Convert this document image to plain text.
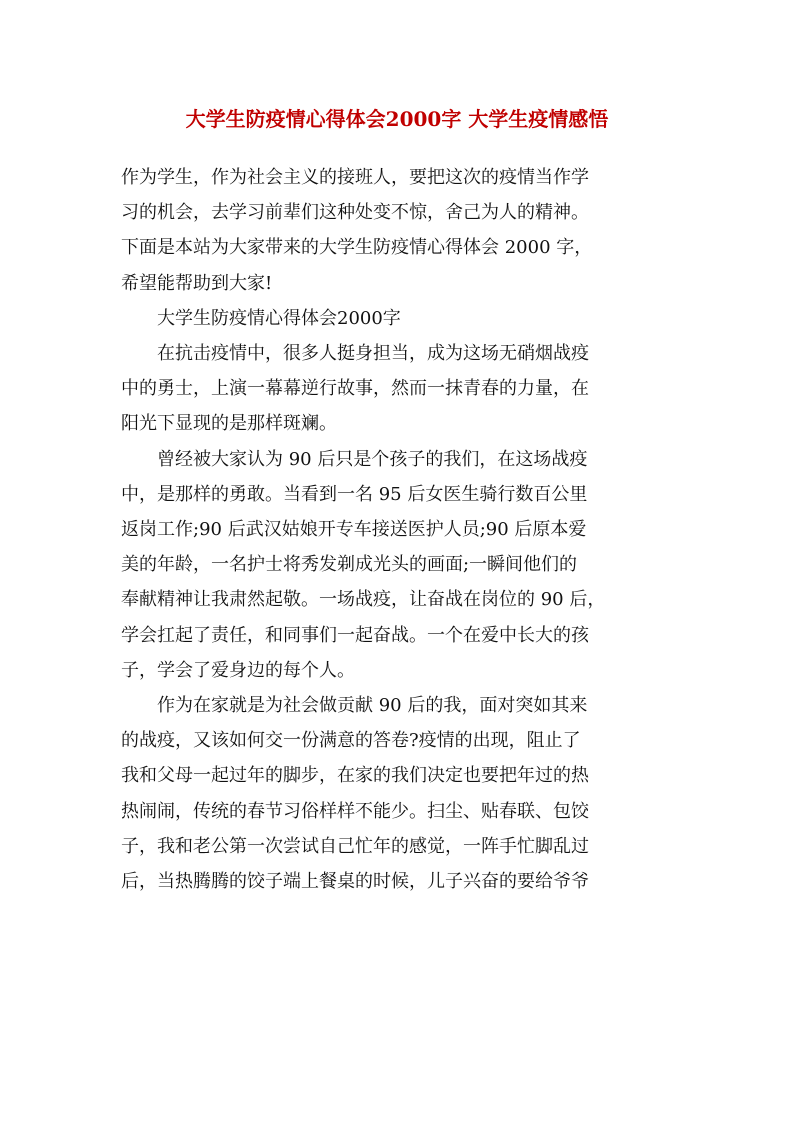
大学生防疫情心得体会2000字 大学生疫情感悟

作为学生，作为社会主义的接班人，要把这次的疫情当作学
习的机会，去学习前辈们这种处变不惊，舍己为人的精神。
下面是本站为大家带来的大学生防疫情心得体会 2000 字，
希望能帮助到大家!

大学生防疫情心得体会2000字

在抗击疫情中，很多人挺身担当，成为这场无硝烟战疫
中的勇士，上演一幕幕逆行故事，然而一抹青春的力量，在
阳光下显现的是那样斑斓。

曾经被大家认为 90 后只是个孩子的我们，在这场战疫
中，是那样的勇敢。当看到一名 95 后女医生骑行数百公里
返岗工作;90 后武汉姑娘开专车接送医护人员;90 后原本爱
美的年龄，一名护士将秀发剃成光头的画面;一瞬间他们的
奉献精神让我肃然起敬。一场战疫，让奋战在岗位的 90 后，
学会扛起了责任，和同事们一起奋战。一个在爱中长大的孩
子，学会了爱身边的每个人。

作为在家就是为社会做贡献 90 后的我，面对突如其来
的战疫，又该如何交一份满意的答卷?疫情的出现，阻止了
我和父母一起过年的脚步，在家的我们决定也要把年过的热
热闹闹，传统的春节习俗样样不能少。扫尘、贴春联、包饺
子，我和老公第一次尝试自己忙年的感觉，一阵手忙脚乱过
后，当热腾腾的饺子端上餐桌的时候，儿子兴奋的要给爷爷
